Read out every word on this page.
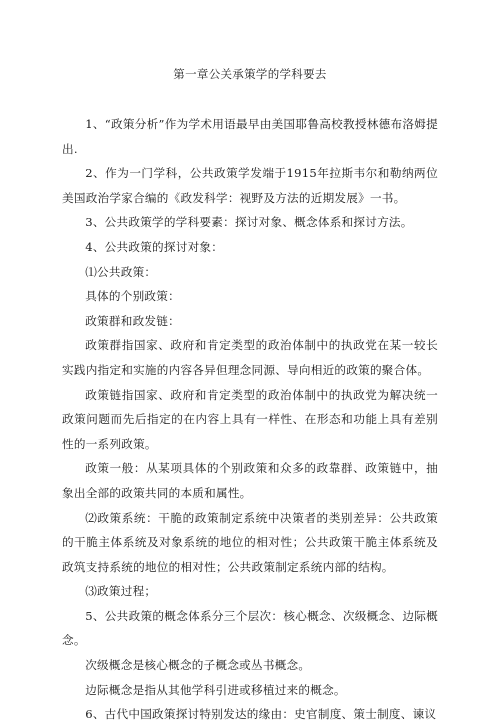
第一章公关承策学的学科要去

1、“政策分析”作为学术用语最早由美国耶鲁高校教授林德布洛姆提出.

2、作为一门学科，公共政策学发端于1915年拉斯韦尔和勒纳两位美国政治学家合编的《政发科学：视野及方法的近期发展》一书。

3、公共政策学的学科要素：探讨对象、概念体系和探讨方法。

4、公共政策的探讨对象：

⑴公共政策：

具体的个别政策：

政策群和政发链：

政策群指国家、政府和肯定类型的政治体制中的执政党在某一较长实践内指定和实施的内容各异但理念同源、导向相近的政策的聚合体。

政策链指国家、政府和肯定类型的政治体制中的执政党为解决统一政策问题而先后指定的在内容上具有一样性、在形态和功能上具有差别性的一系列政策。

政策一般：从某项具体的个别政策和众多的政靠群、政策链中，抽象出全部的政策共同的本质和属性。

⑵政策系统：干脆的政策制定系统中决策者的类别差异：公共政策的干脆主体系统及对象系统的地位的相对性；公共政策干脆主体系统及政筑支持系统的地位的相对性；公共政策制定系统内部的结构。

⑶政策过程；

5、公共政策的概念体系分三个层次：核心概念、次级概念、边际概念。

次级概念是核心概念的子概念或丛书概念。

边际概念是指从其他学科引进或移植过来的概念。

6、古代中国政策探讨特别发达的缘由：史官制度、策士制度、谏议
